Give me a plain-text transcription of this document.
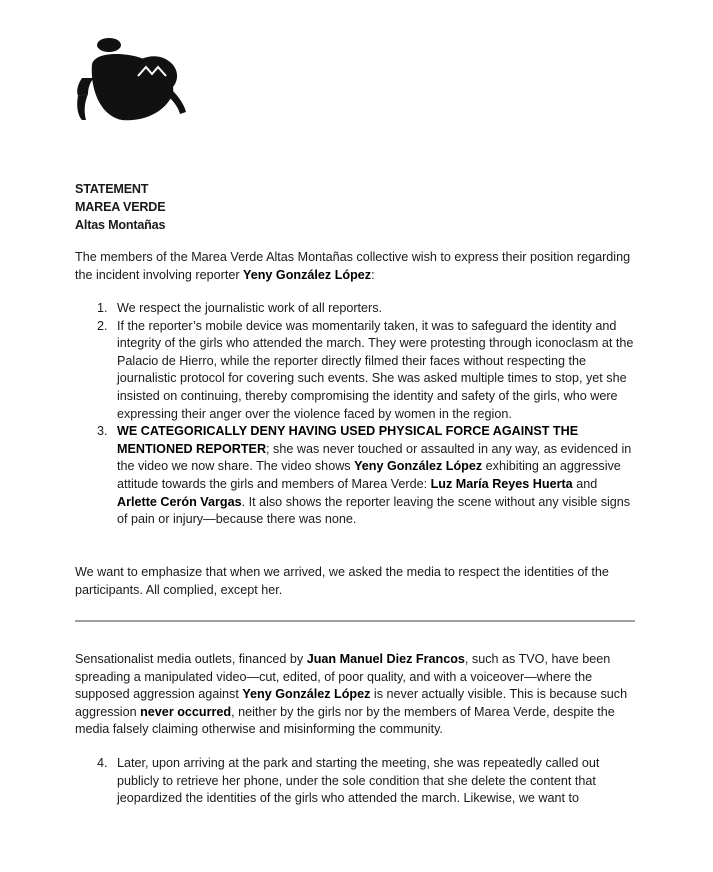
STATEMENT
MAREA VERDE
Altas Montañas

The members of the Marea Verde Altas Montañas collective wish to express their position regarding the incident involving reporter Yeny González López:

1. We respect the journalistic work of all reporters.
2. If the reporter’s mobile device was momentarily taken, it was to safeguard the identity and integrity of the girls who attended the march. They were protesting through iconoclasm at the Palacio de Hierro, while the reporter directly filmed their faces without respecting the journalistic protocol for covering such events. She was asked multiple times to stop, yet she insisted on continuing, thereby compromising the identity and safety of the girls, who were expressing their anger over the violence faced by women in the region.
3. WE CATEGORICALLY DENY HAVING USED PHYSICAL FORCE AGAINST THE MENTIONED REPORTER; she was never touched or assaulted in any way, as evidenced in the video we now share. The video shows Yeny González López exhibiting an aggressive attitude towards the girls and members of Marea Verde: Luz María Reyes Huerta and Arlette Cerón Vargas. It also shows the reporter leaving the scene without any visible signs of pain or injury—because there was none.

We want to emphasize that when we arrived, we asked the media to respect the identities of the participants. All complied, except her.

Sensationalist media outlets, financed by Juan Manuel Diez Francos, such as TVO, have been spreading a manipulated video—cut, edited, of poor quality, and with a voiceover—where the supposed aggression against Yeny González López is never actually visible. This is because such aggression never occurred, neither by the girls nor by the members of Marea Verde, despite the media falsely claiming otherwise and misinforming the community.

4. Later, upon arriving at the park and starting the meeting, she was repeatedly called out publicly to retrieve her phone, under the sole condition that she delete the content that jeopardized the identities of the girls who attended the march. Likewise, we want to
